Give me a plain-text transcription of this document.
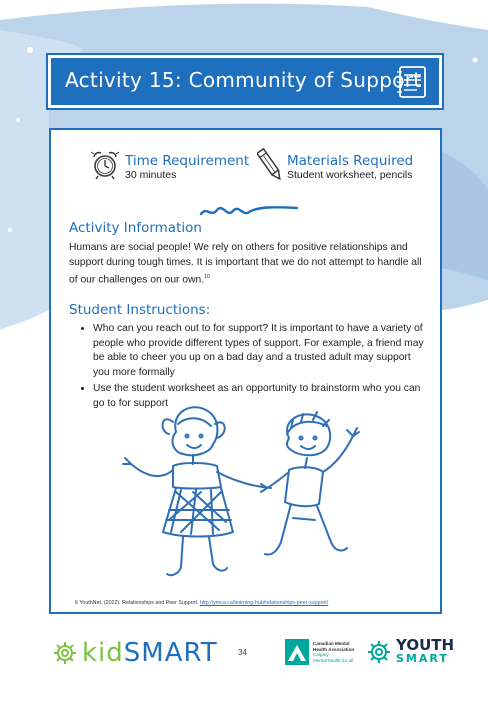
Activity 15: Community of Support
Time Requirement
30 minutes
Materials Required
Student worksheet, pencils
Activity Information
Humans are social people! We rely on others for positive relationships and support during tough times. It is important that we do not attempt to handle all of our challenges on our own.$^{10}$
Student Instructions:
• Who can you reach out to for support? It is important to have a variety of people who provide different types of support. For example, a friend may be able to cheer you up on a bad day and a trusted adult may support you more formally
• Use the student worksheet as an opportunity to brainstorm who you can go to for support
6 YouthNet. (2022). Relationships and Peer Support. http://ymca.ca/learning-hub/relationships-peer-support/
kidSMART	34
Canadian Mental Health Association
Calgary
Mental health for all
YOUTH
SMART
